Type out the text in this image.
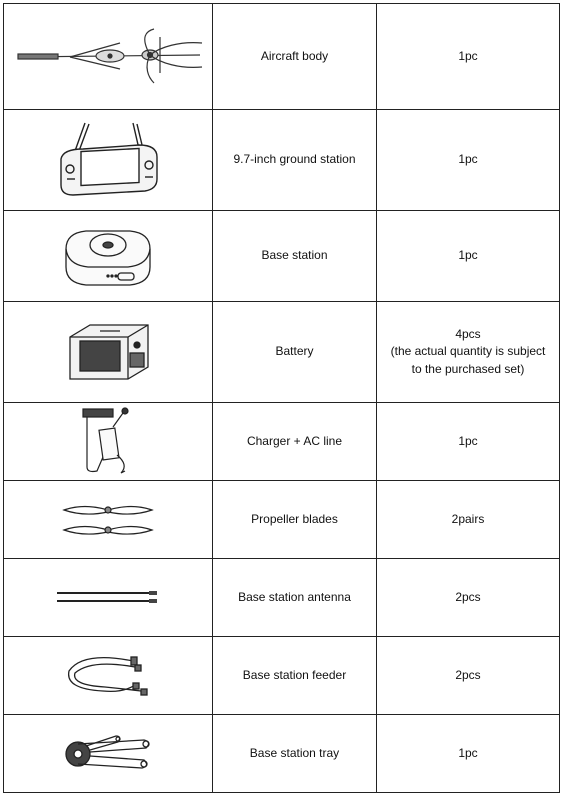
	Aircraft body	1pc

	9.7-inch ground station	1pc

	Base station	1pc

	Battery	4pcs
(the actual quantity is subject
to the purchased set)

	Charger + AC line	1pc

	Propeller blades	2pairs

	Base station antenna	2pcs

	Base station feeder	2pcs

	Base station tray	1pc
